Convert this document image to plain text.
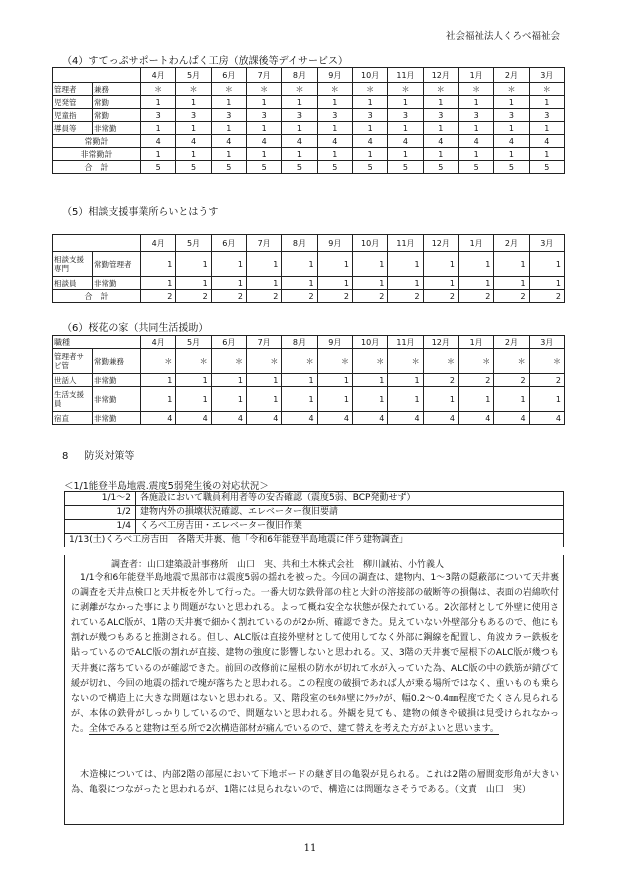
社会福祉法人くろべ福祉会
（4）すてっぷサポートわんぱく工房（放課後等デイサービス）
		4月	5月	6月	7月	8月	9月	10月	11月	12月	1月	2月	3月
管理者	兼務	＊	＊	＊	＊	＊	＊	＊	＊	＊	＊	＊	＊
児発管	常勤	1	1	1	1	1	1	1	1	1	1	1	1
児童指	常勤	3	3	3	3	3	3	3	3	3	3	3	3
導員等	非常勤	1	1	1	1	1	1	1	1	1	1	1	1
常勤計		4	4	4	4	4	4	4	4	4	4	4	4
非常勤計		1	1	1	1	1	1	1	1	1	1	1	1
合　計		5	5	5	5	5	5	5	5	5	5	5	5
（5）相談支援事業所らいとはうす
		4月	5月	6月	7月	8月	9月	10月	11月	12月	1月	2月	3月
相談支援専門	常勤管理者	1	1	1	1	1	1	1	1	1	1	1	1
相談員	非常勤	1	1	1	1	1	1	1	1	1	1	1	1
合　計		2	2	2	2	2	2	2	2	2	2	2	2
（6）桜花の家（共同生活援助）
職種		4月	5月	6月	7月	8月	9月	10月	11月	12月	1月	2月	3月
管理者サビ管	常勤兼務	＊	＊	＊	＊	＊	＊	＊	＊	＊	＊	＊	＊
世話人	非常勤	1	1	1	1	1	1	1	1	2	2	2	2
生活支援員	非常勤	1	1	1	1	1	1	1	1	1	1	1	1
宿直	非常勤	4	4	4	4	4	4	4	4	4	4	4	4
8 防災対策等
＜1/1能登半島地震.震度5弱発生後の対応状況＞
1/1～2	各施設において職員利用者等の安否確認（震度5弱、BCP発動せず）
1/2	建物内外の損壊状況確認、エレベーター復旧要請
1/4	くろべ工房吉田・エレベーター復旧作業
1/13(土)くろべ工房吉田　各階天井裏、他「令和6年能登半島地震に伴う建物調査」	
調査者：山口建築設計事務所　山口　実、共和土木株式会社　柳川誠祐、小竹義人
　1/1令和6年能登半島地震で黒部市は震度5弱の揺れを被った。今回の調査は、建物内、1～3階の隠蔽部について天井裏の調査を天井点検口と天井板を外して行った。一番大切な鉄骨部の柱と大針の溶接部の破断等の損傷は、表面の岩綿吹付に剥離がなかった事により問題がないと思われる。よって概ね安全な状態が保たれている。2次部材として外壁に使用されているALC版が、1階の天井裏で細かく割れているのが2か所、確認できた。見えていない外壁部分もあるので、他にも割れが幾つもあると推測される。但し、ALC版は直接外壁材として使用してなく外部に鋼線を配置し、角波カラー鉄板を貼っているのでALC版の割れが直接、建物の強度に影響しないと思われる。又、3階の天井裏で屋根下のALC版が幾つも天井裏に落ちているのが確認できた。前回の改修前に屋根の防水が切れて水が入っていた為、ALC版の中の鉄筋が錆びて緩が切れ、今回の地震の揺れで塊が落ちたと思われる。この程度の破損であれば人が乗る場所ではなく、重いものも乗らないので構造上に大きな問題はないと思われる。又、階段室のﾓﾙﾀﾙ壁にｸﾗｯｸが、幅0.2～0.4㎜程度でたくさん見られるが、本体の鉄骨がしっかりしているので、問題ないと思われる。外観を見ても、建物の傾きや破損は見受けられなかった。全体でみると建物は至る所で2次構造部材が痛んでいるので、建て替えを考えた方がよいと思います。
　木造棟については、内部2階の部屋において下地ボードの継ぎ目の亀裂が見られる。これは2階の層間変形角が大きい為、亀裂につながったと思われるが、1階には見られないので、構造には問題なさそうである。（文責　山口　実）
11
